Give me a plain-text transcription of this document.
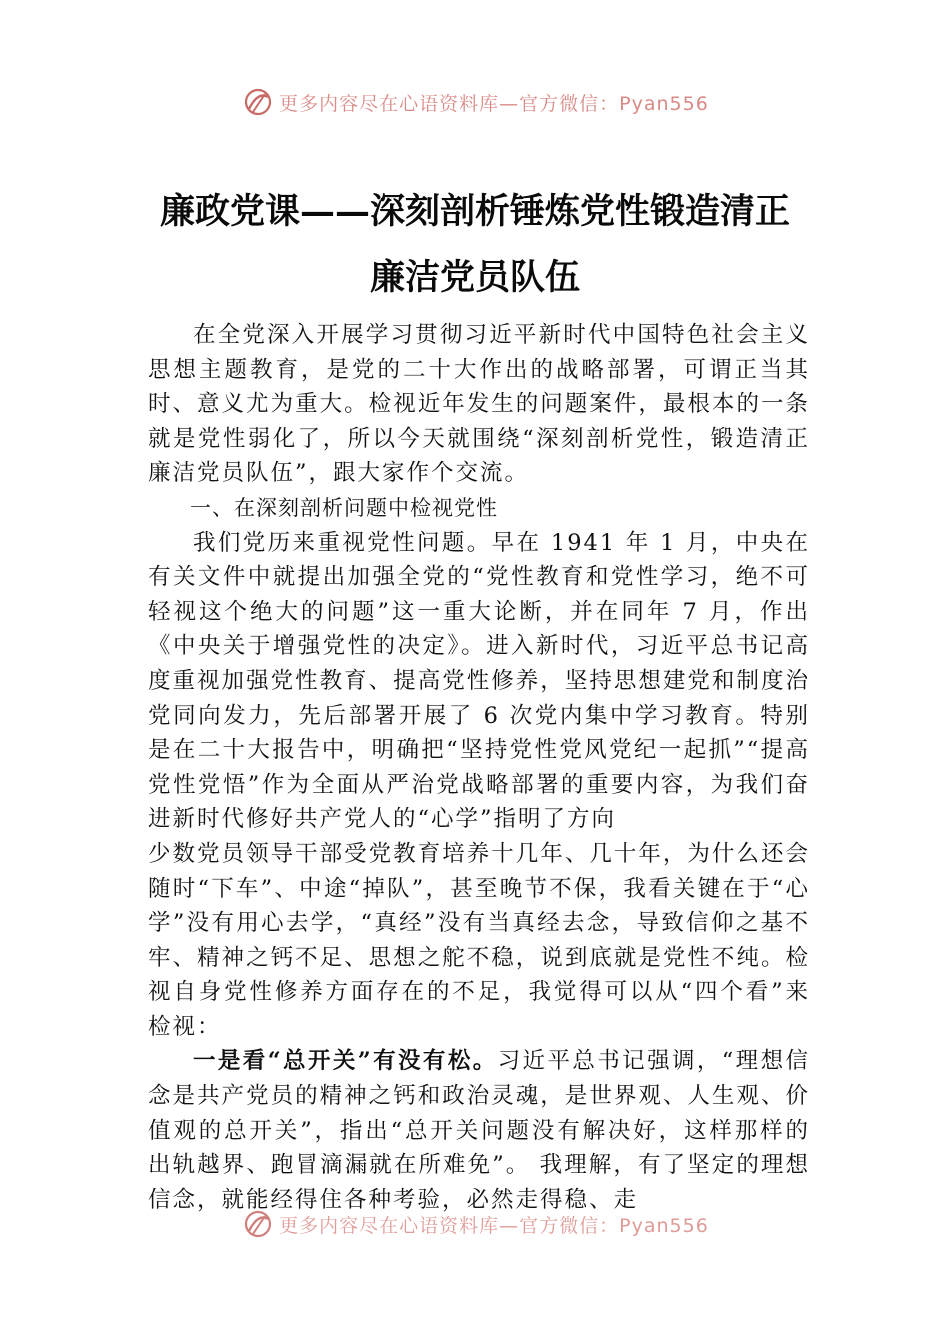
更多内容尽在心语资料库—官方微信：Pyan556
廉政党课——深刻剖析锤炼党性锻造清正
廉洁党员队伍

在全党深入开展学习贯彻习近平新时代中国特色社会主义思想主题教育，是党的二十大作出的战略部署，可谓正当其时、意义尤为重大。检视近年发生的问题案件，最根本的一条就是党性弱化了，所以今天就围绕“深刻剖析党性，锻造清正廉洁党员队伍”，跟大家作个交流。

一、在深刻剖析问题中检视党性

我们党历来重视党性问题。早在 1941 年 1 月，中央在有关文件中就提出加强全党的“党性教育和党性学习，绝不可轻视这个绝大的问题”这一重大论断，并在同年 7 月，作出《中央关于增强党性的决定》。进入新时代，习近平总书记高度重视加强党性教育、提高党性修养，坚持思想建党和制度治党同向发力，先后部署开展了 6 次党内集中学习教育。特别是在二十大报告中，明确把“坚持党性党风党纪一起抓”“提高党性党悟”作为全面从严治党战略部署的重要内容，为我们奋进新时代修好共产党人的“心学”指明了方向

少数党员领导干部受党教育培养十几年、几十年，为什么还会随时“下车”、中途“掉队”，甚至晚节不保，我看关键在于“心学”没有用心去学，“真经”没有当真经去念，导致信仰之基不牢、精神之钙不足、思想之舵不稳，说到底就是党性不纯。检视自身党性修养方面存在的不足，我觉得可以从“四个看”来检视：

一是看“总开关”有没有松。习近平总书记强调，“理想信念是共产党员的精神之钙和政治灵魂，是世界观、人生观、价值观的总开关”，指出“总开关问题没有解决好，这样那样的出轨越界、跑冒滴漏就在所难免”。 我理解，有了坚定的理想信念，就能经得住各种考验，必然走得稳、走

更多内容尽在心语资料库—官方微信：Pyan556
